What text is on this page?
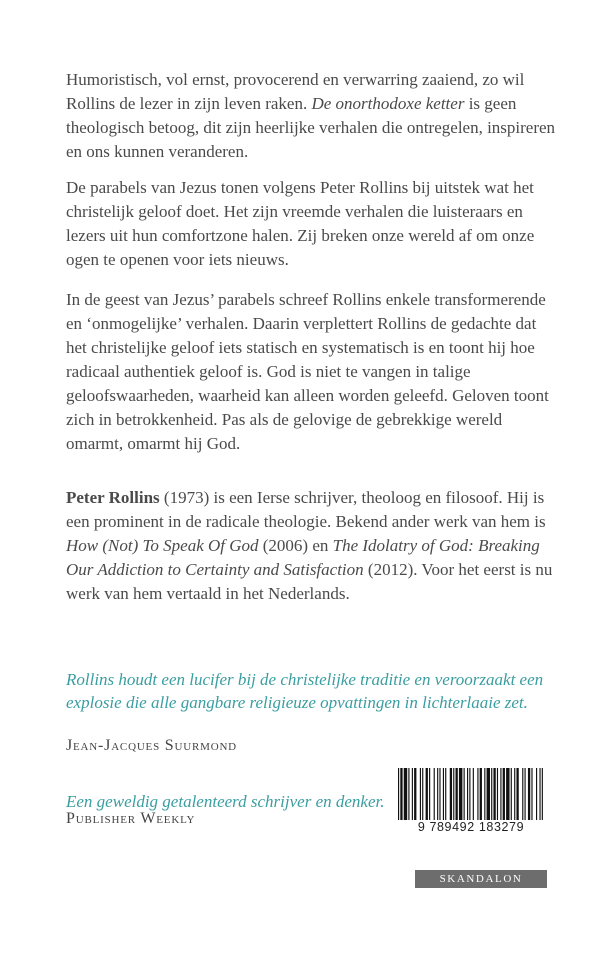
Humoristisch, vol ernst, provocerend en verwarring zaaiend, zo wil Rollins de lezer in zijn leven raken. De onorthodoxe ketter is geen theologisch betoog, dit zijn heerlijke verhalen die ontregelen, inspireren en ons kunnen veranderen.

De parabels van Jezus tonen volgens Peter Rollins bij uitstek wat het christelijk geloof doet. Het zijn vreemde verhalen die luisteraars en lezers uit hun comfortzone halen. Zij breken onze wereld af om onze ogen te openen voor iets nieuws.

In de geest van Jezus’ parabels schreef Rollins enkele transformerende en ‘onmogelijke’ verhalen. Daarin verplettert Rollins de gedachte dat het christelijke geloof iets statisch en systematisch is en toont hij hoe radicaal authentiek geloof is. God is niet te vangen in talige geloofswaarheden, waarheid kan alleen worden geleefd. Geloven toont zich in betrokkenheid. Pas als de gelovige de gebrekkige wereld omarmt, omarmt hij God.

Peter Rollins (1973) is een Ierse schrijver, theoloog en filosoof. Hij is een prominent in de radicale theologie. Bekend ander werk van hem is How (Not) To Speak Of God (2006) en The Idolatry of God: Breaking Our Addiction to Certainty and Satisfaction (2012). Voor het eerst is nu werk van hem vertaald in het Nederlands.

Rollins houdt een lucifer bij de christelijke traditie en veroorzaakt een explosie die alle gangbare religieuze opvattingen in lichterlaaie zet.

Jean-Jacques Suurmond

Een geweldig getalenteerd schrijver en denker.

Publisher Weekly	9 789492 183279
SKANDALON
